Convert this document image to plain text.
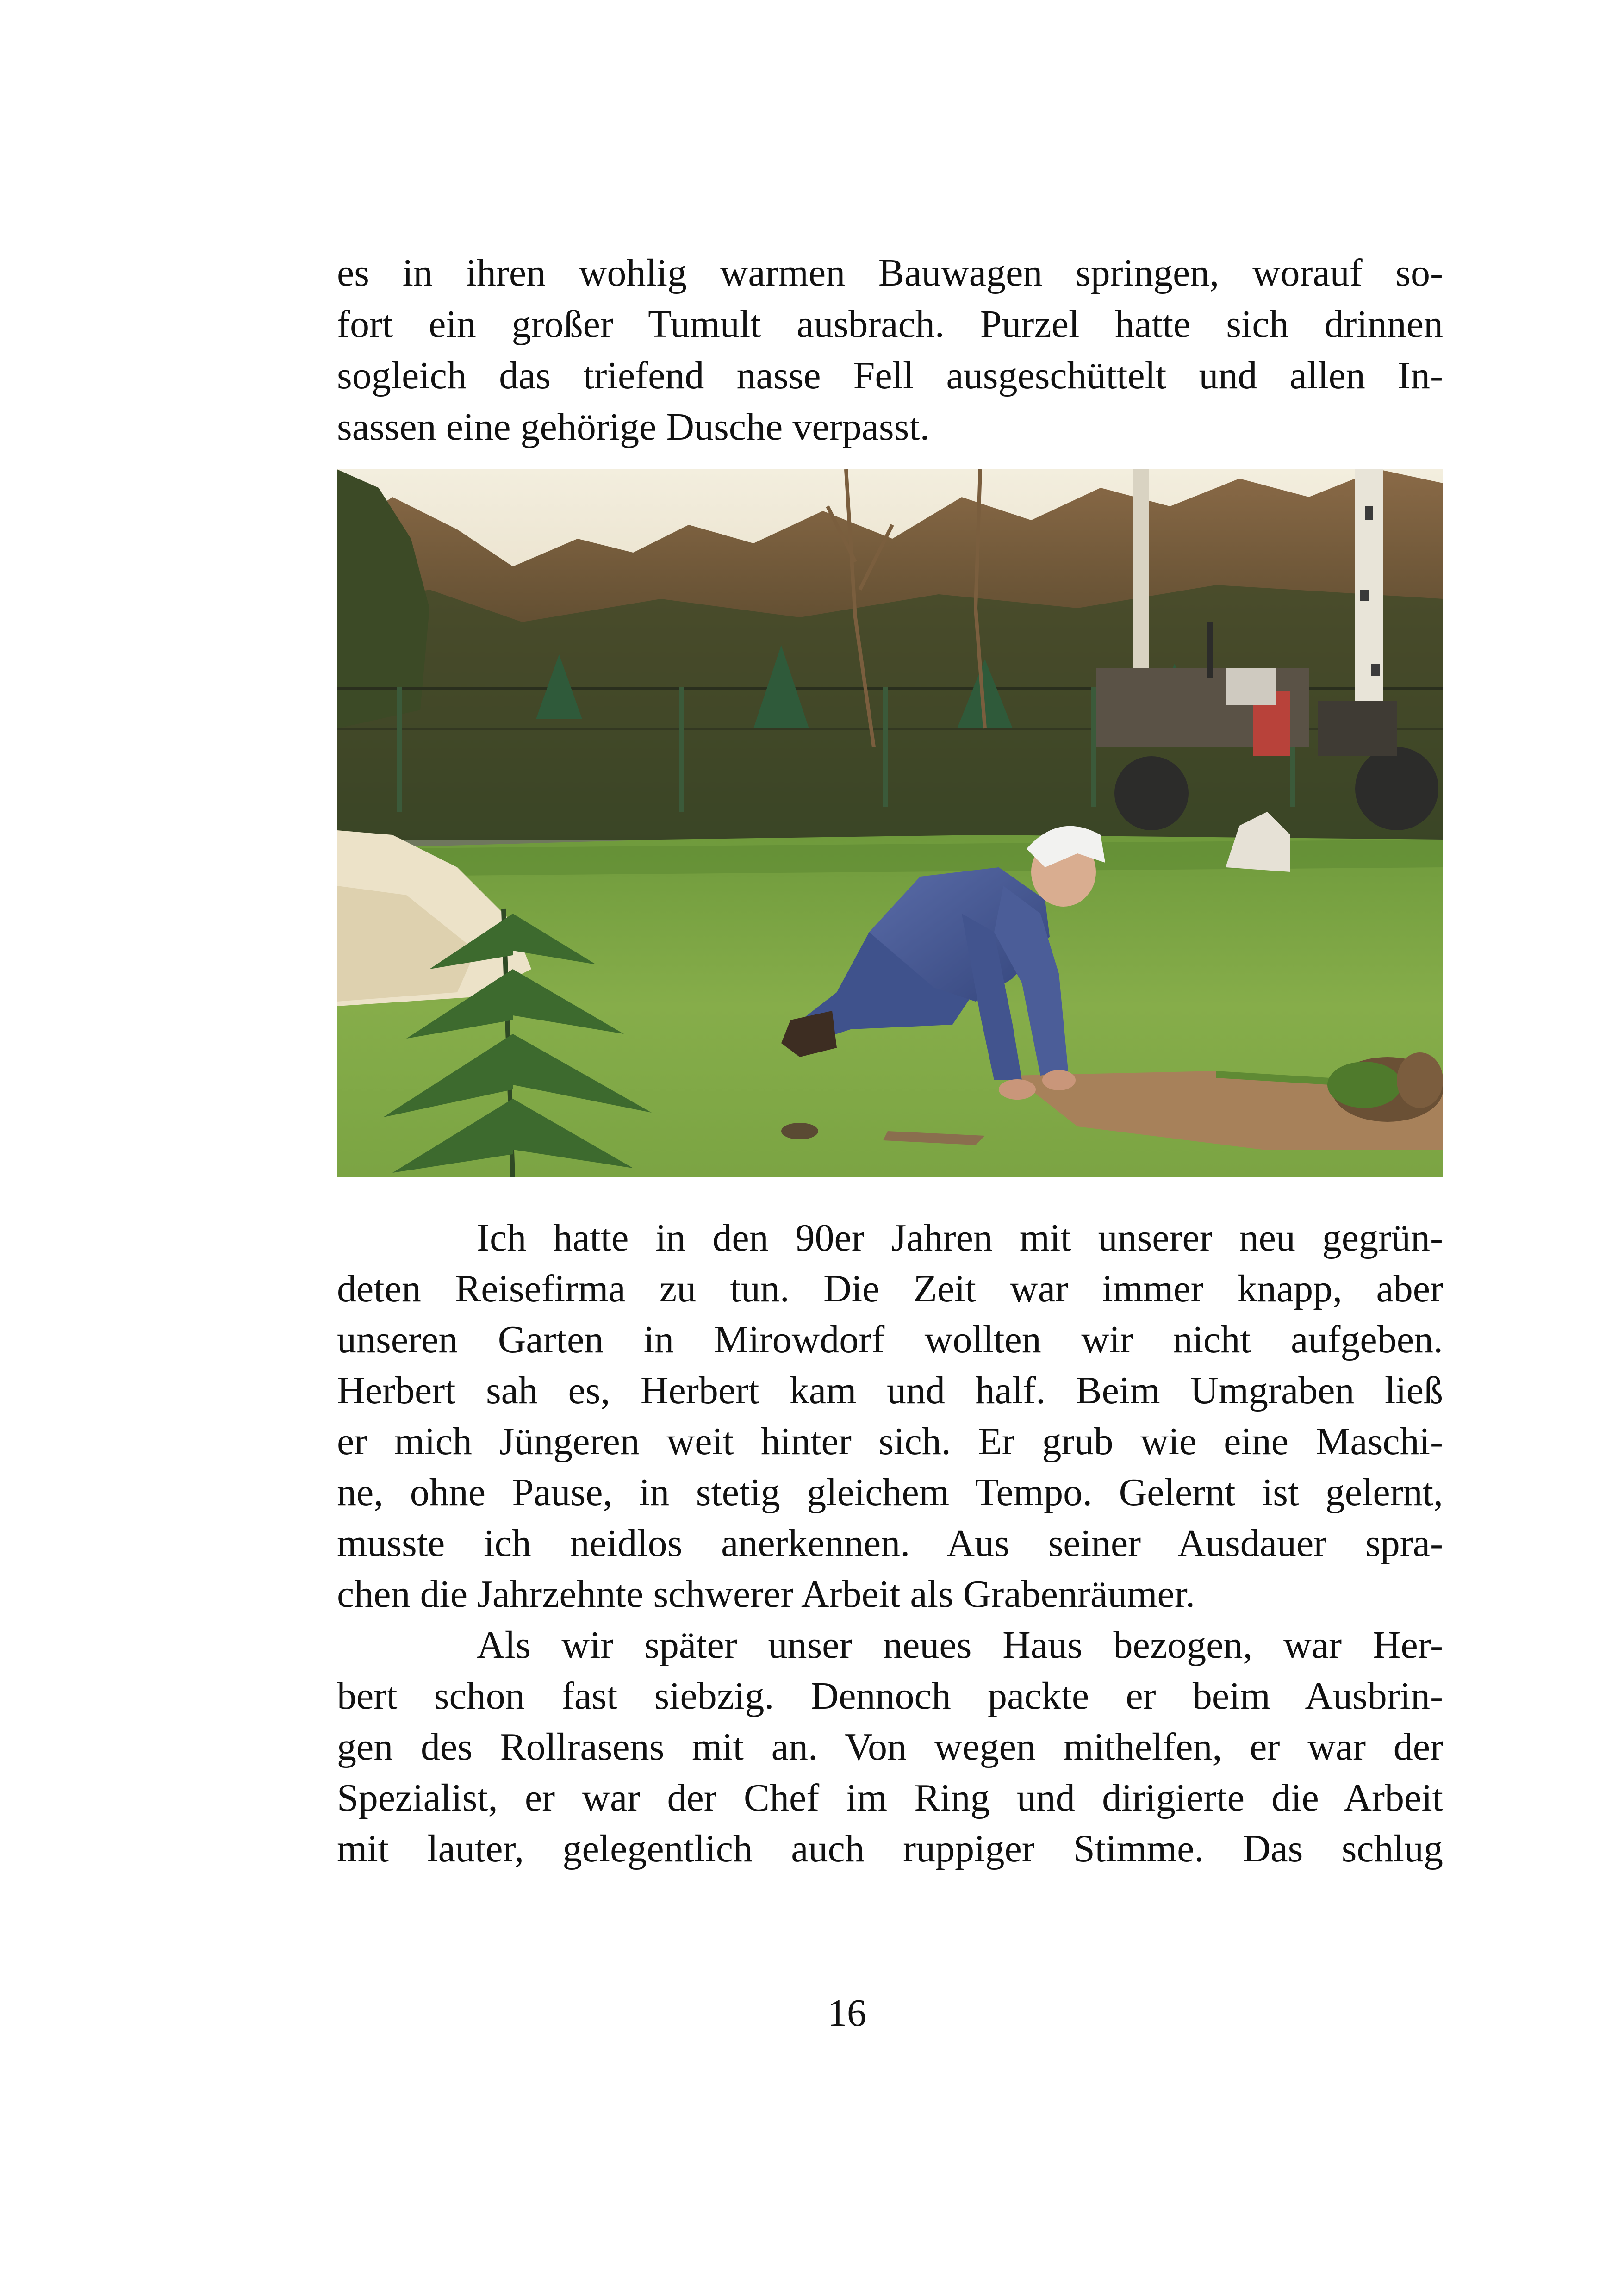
es in ihren wohlig warmen Bauwagen springen, worauf so-
fort ein großer Tumult ausbrach. Purzel hatte sich drinnen
sogleich das triefend nasse Fell ausgeschüttelt und allen In-
sassen eine gehörige Dusche verpasst.
Ich hatte in den 90er Jahren mit unserer neu gegrün-
deten Reisefirma zu tun. Die Zeit war immer knapp, aber
unseren Garten in Mirowdorf wollten wir nicht aufgeben.
Herbert sah es, Herbert kam und half. Beim Umgraben ließ
er mich Jüngeren weit hinter sich. Er grub wie eine Maschi-
ne, ohne Pause, in stetig gleichem Tempo. Gelernt ist gelernt,
musste ich neidlos anerkennen. Aus seiner Ausdauer spra-
chen die Jahrzehnte schwerer Arbeit als Grabenräumer.
Als wir später unser neues Haus bezogen, war Her-
bert schon fast siebzig. Dennoch packte er beim Ausbrin-
gen des Rollrasens mit an. Von wegen mithelfen, er war der
Spezialist, er war der Chef im Ring und dirigierte die Arbeit
mit lauter, gelegentlich auch ruppiger Stimme. Das schlug
16
